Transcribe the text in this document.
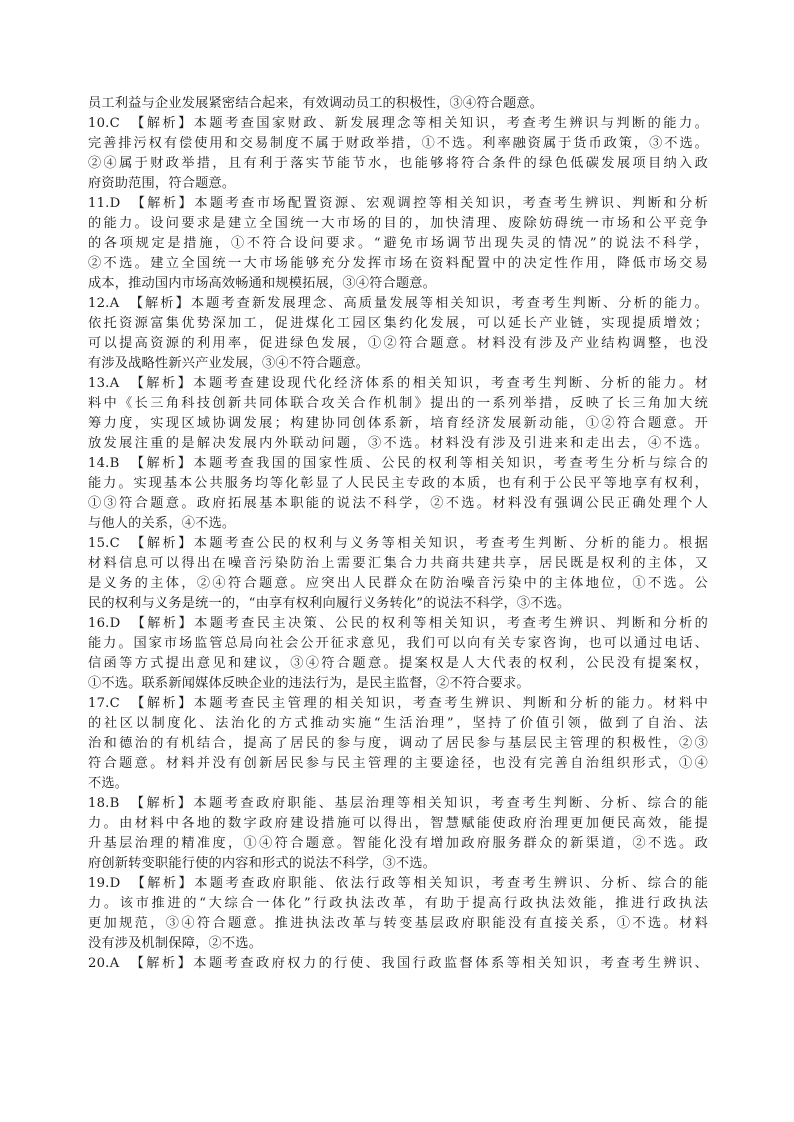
员工利益与企业发展紧密结合起来，有效调动员工的积极性，③④符合题意。
10.C　【解析】本题考查国家财政、新发展理念等相关知识，考查考生辨识与判断的能力。
完善排污权有偿使用和交易制度不属于财政举措，①不选。利率融资属于货币政策，③不选。
②④属于财政举措，且有利于落实节能节水，也能够将符合条件的绿色低碳发展项目纳入政
府资助范围，符合题意。
11.D　【解析】本题考查市场配置资源、宏观调控等相关知识，考查考生辨识、判断和分析
的能力。设问要求是建立全国统一大市场的目的，加快清理、废除妨碍统一市场和公平竞争
的各项规定是措施，①不符合设问要求。“避免市场调节出现失灵的情况”的说法不科学，
②不选。建立全国统一大市场能够充分发挥市场在资料配置中的决定性作用，降低市场交易
成本，推动国内市场高效畅通和规模拓展，③④符合题意。
12.A　【解析】本题考查新发展理念、高质量发展等相关知识，考查考生判断、分析的能力。
依托资源富集优势深加工，促进煤化工园区集约化发展，可以延长产业链，实现提质增效；
可以提高资源的利用率，促进绿色发展，①②符合题意。材料没有涉及产业结构调整，也没
有涉及战略性新兴产业发展，③④不符合题意。
13.A　【解析】本题考查建设现代化经济体系的相关知识，考查考生判断、分析的能力。材
料中《长三角科技创新共同体联合攻关合作机制》提出的一系列举措，反映了长三角加大统
筹力度，实现区域协调发展；构建协同创体系新，培育经济发展新动能，①②符合题意。开
放发展注重的是解决发展内外联动问题，③不选。材料没有涉及引进来和走出去，④不选。
14.B　【解析】本题考查我国的国家性质、公民的权利等相关知识，考查考生分析与综合的
能力。实现基本公共服务均等化彰显了人民民主专政的本质，也有利于公民平等地享有权利，
①③符合题意。政府拓展基本职能的说法不科学，②不选。材料没有强调公民正确处理个人
与他人的关系，④不选。
15.C　【解析】本题考查公民的权利与义务等相关知识，考查考生判断、分析的能力。根据
材料信息可以得出在噪音污染防治上需要汇集合力共商共建共享，居民既是权利的主体，又
是义务的主体，②④符合题意。应突出人民群众在防治噪音污染中的主体地位，①不选。公
民的权利与义务是统一的，“由享有权利向履行义务转化”的说法不科学，③不选。
16.D　【解析】本题考查民主决策、公民的权利等相关知识，考查考生辨识、判断和分析的
能力。国家市场监管总局向社会公开征求意见，我们可以向有关专家咨询，也可以通过电话、
信函等方式提出意见和建议，③④符合题意。提案权是人大代表的权利，公民没有提案权，
①不选。联系新闻媒体反映企业的违法行为，是民主监督，②不符合要求。
17.C　【解析】本题考查民主管理的相关知识，考查考生辨识、判断和分析的能力。材料中
的社区以制度化、法治化的方式推动实施“生活治理”，坚持了价值引领，做到了自治、法
治和德治的有机结合，提高了居民的参与度，调动了居民参与基层民主管理的积极性，②③
符合题意。材料并没有创新居民参与民主管理的主要途径，也没有完善自治组织形式，①④
不选。
18.B　【解析】本题考查政府职能、基层治理等相关知识，考查考生判断、分析、综合的能
力。由材料中各地的数字政府建设措施可以得出，智慧赋能使政府治理更加便民高效，能提
升基层治理的精准度，①④符合题意。智能化没有增加政府服务群众的新渠道，②不选。政
府创新转变职能行使的内容和形式的说法不科学，③不选。
19.D　【解析】本题考查政府职能、依法行政等相关知识，考查考生辨识、分析、综合的能
力。该市推进的“大综合一体化”行政执法改革，有助于提高行政执法效能，推进行政执法
更加规范，③④符合题意。推进执法改革与转变基层政府职能没有直接关系，①不选。材料
没有涉及机制保障，②不选。
20.A　【解析】本题考查政府权力的行使、我国行政监督体系等相关知识，考查考生辨识、
